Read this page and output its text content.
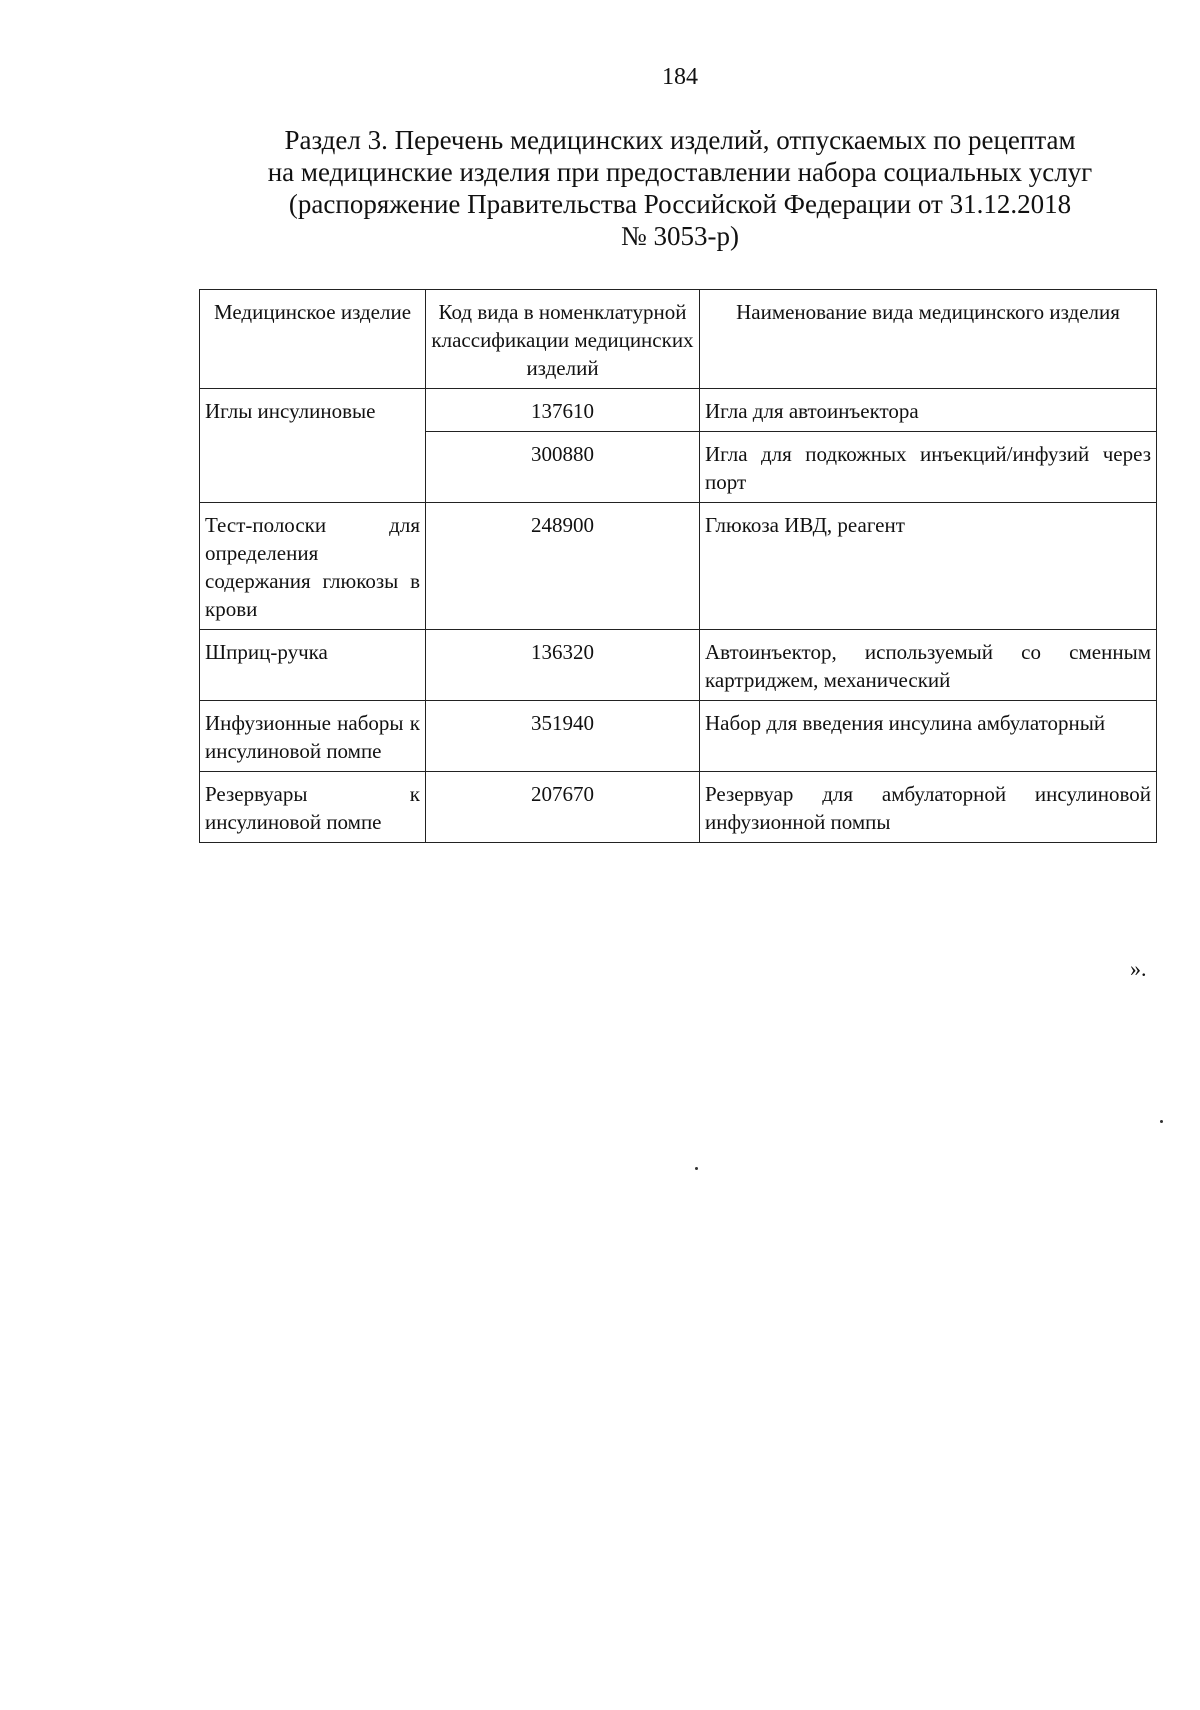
184
Раздел 3. Перечень медицинских изделий, отпускаемых по рецептам
на медицинские изделия при предоставлении набора социальных услуг
(распоряжение Правительства Российской Федерации от 31.12.2018
№ 3053-р)
Медицинское изделие	Код вида в номенклатурной классификации медицинских изделий	Наименование вида медицинского изделия
Иглы инсулиновые	137610	Игла для автоинъектора
	300880	Игла для подкожных инъекций/инфузий через порт
Тест-полоски для определения содержания глюкозы в крови	248900	Глюкоза ИВД, реагент
Шприц-ручка	136320	Автоинъектор, используемый со сменным картриджем, механический
Инфузионные наборы к инсулиновой помпе	351940	Набор для введения инсулина амбулаторный
Резервуары к инсулиновой помпе	207670	Резервуар для амбулаторной инсулиновой инфузионной помпы
».
